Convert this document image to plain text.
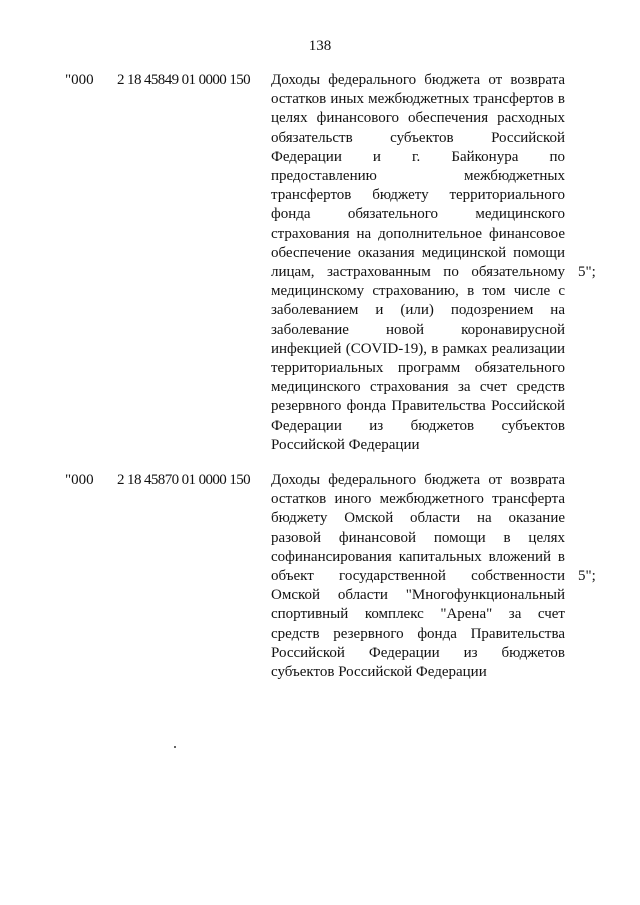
138
"000 2 18 45849 01 0000 150 Доходы федерального бюджета от возврата остатков иных межбюджетных трансфертов в целях финансового обеспечения расходных обязательств субъектов Российской Федерации и г. Байконура по предоставлению межбюджетных трансфертов бюджету территориального фонда обязательного медицинского страхования на дополнительное финансовое обеспечение оказания медицинской помощи лицам, застрахованным по обязательному медицинскому страхованию, в том числе с заболеванием и (или) подозрением на заболевание новой коронавирусной инфекцией (COVID-19), в рамках реализации территориальных программ обязательного медицинского страхования за счет средств резервного фонда Правительства Российской Федерации из бюджетов субъектов Российской Федерации
5";
"000 2 18 45870 01 0000 150 Доходы федерального бюджета от возврата остатков иного межбюджетного трансферта бюджету Омской области на оказание разовой финансовой помощи в целях софинансирования капитальных вложений в объект государственной собственности Омской области "Многофункциональный спортивный комплекс "Арена" за счет средств резервного фонда Правительства Российской Федерации из бюджетов субъектов Российской Федерации
5";
